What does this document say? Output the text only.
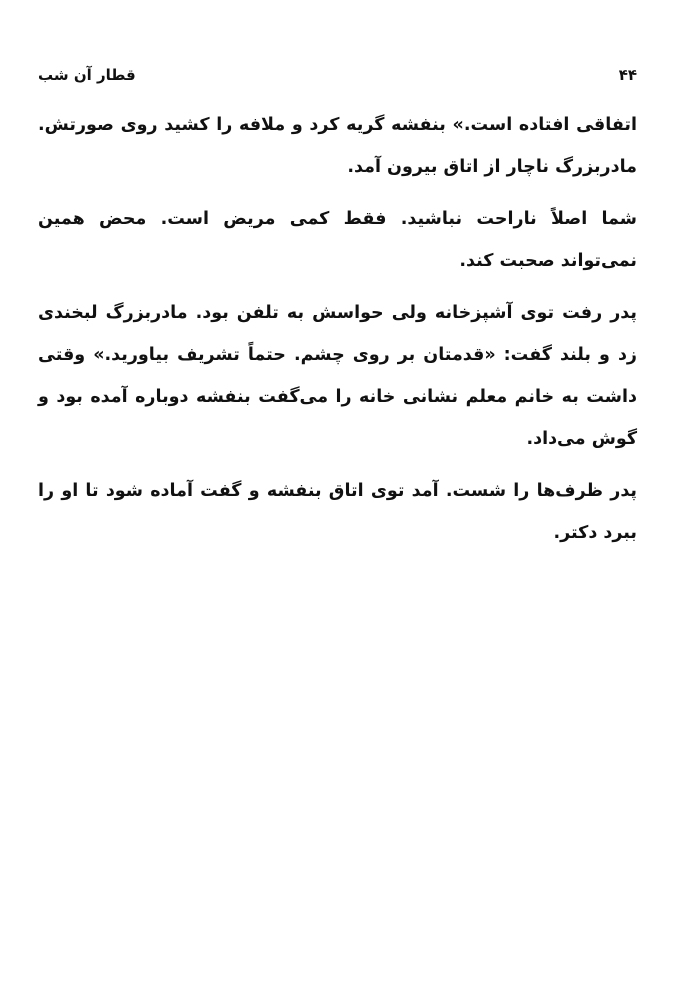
۴۴
قطار آن شب

اتفاقی افتاده است.» بنفشه گریه کرد و ملافه را کشید روی صورتش. مادربزرگ ناچار از اتاق بیرون آمد.

شما اصلاً ناراحت نباشید. فقط کمی مریض است. محض همین نمی‌تواند صحبت کند.

پدر رفت توی آشپزخانه ولی حواسش به تلفن بود. مادربزرگ لبخندی زد و بلند گفت: «قدمتان بر روی چشم. حتماً تشریف بیاورید.» وقتی داشت به خانم معلم نشانی خانه را می‌گفت بنفشه دوباره آمده بود و گوش می‌داد.

پدر ظرف‌ها را شست. آمد توی اتاق بنفشه و گفت آماده شود تا او را ببرد دکتر.
